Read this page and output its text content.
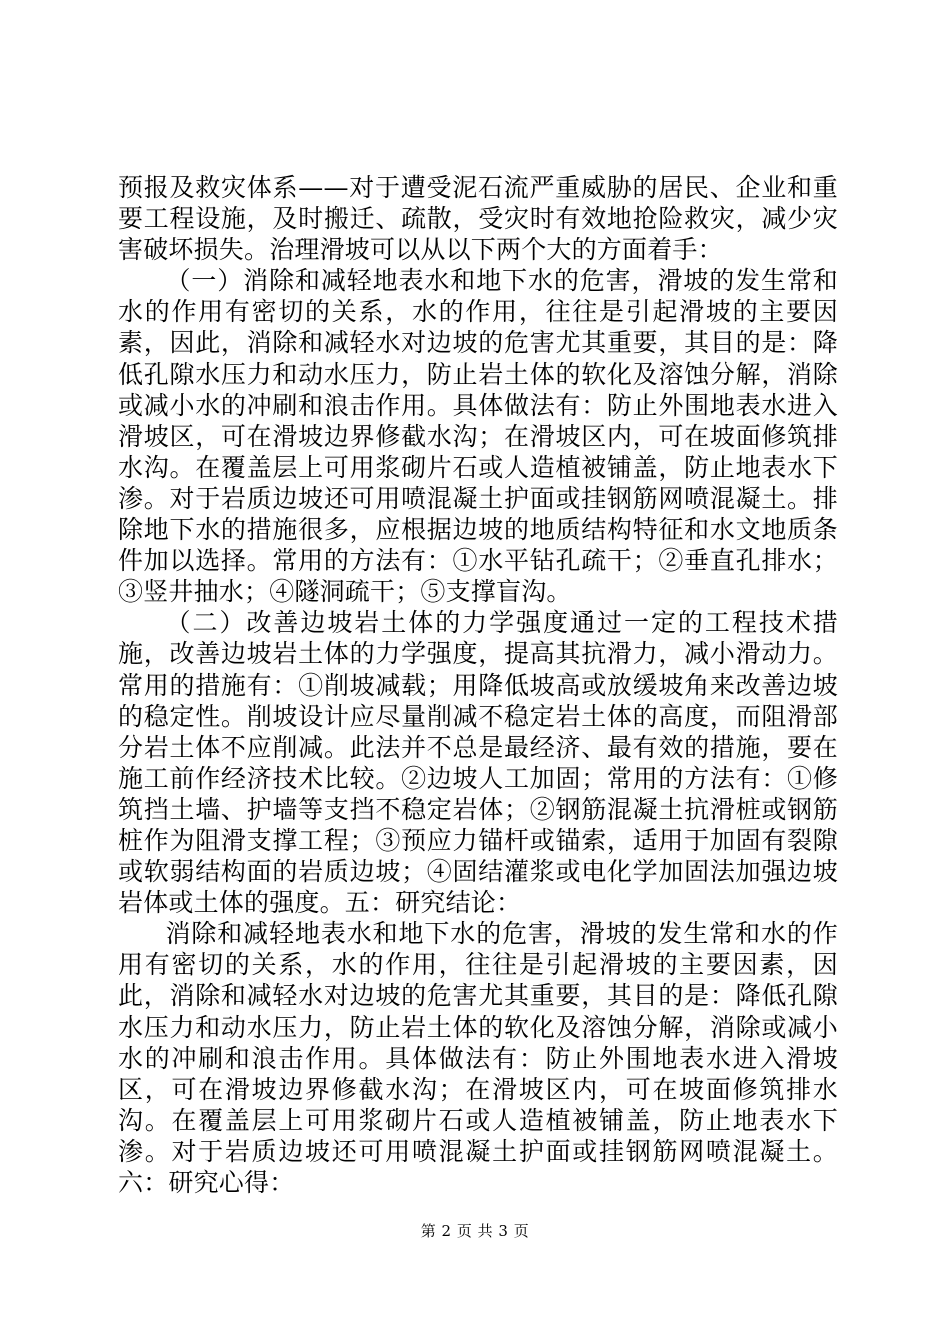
预报及救灾体系——对于遭受泥石流严重威胁的居民、企业和重要工程设施，及时搬迁、疏散，受灾时有效地抢险救灾，减少灾害破坏损失。治理滑坡可以从以下两个大的方面着手：

（一）消除和减轻地表水和地下水的危害，滑坡的发生常和水的作用有密切的关系，水的作用，往往是引起滑坡的主要因素，因此，消除和减轻水对边坡的危害尤其重要，其目的是：降低孔隙水压力和动水压力，防止岩土体的软化及溶蚀分解，消除或减小水的冲刷和浪击作用。具体做法有：防止外围地表水进入滑坡区，可在滑坡边界修截水沟；在滑坡区内，可在坡面修筑排水沟。在覆盖层上可用浆砌片石或人造植被铺盖，防止地表水下渗。对于岩质边坡还可用喷混凝土护面或挂钢筋网喷混凝土。排除地下水的措施很多，应根据边坡的地质结构特征和水文地质条件加以选择。常用的方法有：①水平钻孔疏干；②垂直孔排水；③竖井抽水；④隧洞疏干；⑤支撑盲沟。

（二）改善边坡岩土体的力学强度通过一定的工程技术措施，改善边坡岩土体的力学强度，提高其抗滑力，减小滑动力。常用的措施有：①削坡减载；用降低坡高或放缓坡角来改善边坡的稳定性。削坡设计应尽量削减不稳定岩土体的高度，而阻滑部分岩土体不应削减。此法并不总是最经济、最有效的措施，要在施工前作经济技术比较。②边坡人工加固；常用的方法有：①修筑挡土墙、护墙等支挡不稳定岩体；②钢筋混凝土抗滑桩或钢筋桩作为阻滑支撑工程；③预应力锚杆或锚索，适用于加固有裂隙或软弱结构面的岩质边坡；④固结灌浆或电化学加固法加强边坡岩体或土体的强度。五：研究结论：

消除和减轻地表水和地下水的危害，滑坡的发生常和水的作用有密切的关系，水的作用，往往是引起滑坡的主要因素，因此，消除和减轻水对边坡的危害尤其重要，其目的是：降低孔隙水压力和动水压力，防止岩土体的软化及溶蚀分解，消除或减小水的冲刷和浪击作用。具体做法有：防止外围地表水进入滑坡区，可在滑坡边界修截水沟；在滑坡区内，可在坡面修筑排水沟。在覆盖层上可用浆砌片石或人造植被铺盖，防止地表水下渗。对于岩质边坡还可用喷混凝土护面或挂钢筋网喷混凝土。六：研究心得：

第 2 页 共 3 页
